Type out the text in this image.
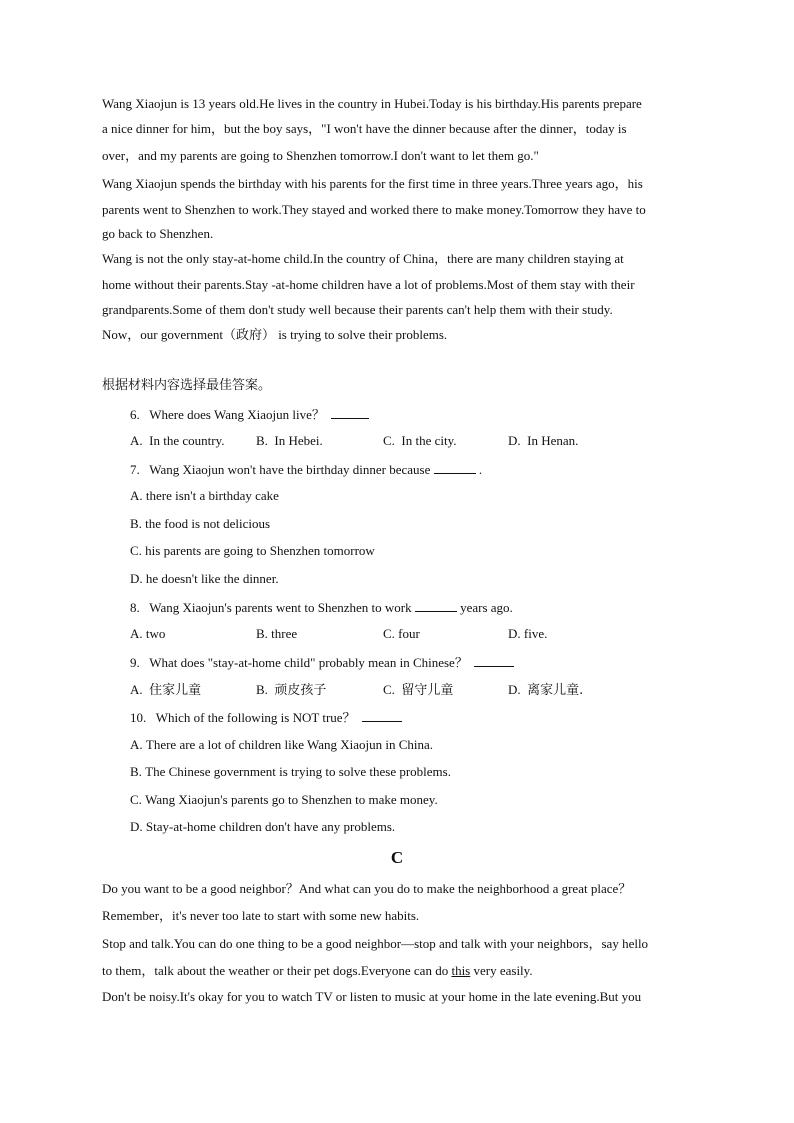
Wang Xiaojun is 13 years old.He lives in the country in Hubei.Today is his birthday.His parents prepare
a nice dinner for him，but the boy says，"I won't have the dinner because after the dinner，today is
over，and my parents are going to Shenzhen tomorrow.I don't want to let them go."
Wang Xiaojun spends the birthday with his parents for the first time in three years.Three years ago，his
parents went to Shenzhen to work.They stayed and worked there to make money.Tomorrow they have to
go back to Shenzhen.
Wang is not the only stay-at-home child.In the country of China，there are many children staying at
home without their parents.Stay -at-home children have a lot of problems.Most of them stay with their
grandparents.Some of them don't study well because their parents can't help them with their study.
Now，our government（政府） is trying to solve their problems.
根据材料内容选择最佳答案。
6. Where does Wang Xiaojun live？
A. In the country. B. In Hebei.	C. In the city.	D. In Henan.
7. Wang Xiaojun won't have the birthday dinner because	.
A. there isn't a birthday cake
B. the food is not delicious
C. his parents are going to Shenzhen tomorrow
D. he doesn't like the dinner.
8. Wang Xiaojun's parents went to Shenzhen to work	years ago.
A. two	B. three	C. four	D. five.
9. What does "stay-at-home child" probably mean in Chinese？
A. 住家儿童	B. 顽皮孩子	C. 留守儿童	D. 离家儿童.
10. Which of the following is NOT true？
A. There are a lot of children like Wang Xiaojun in China.
B. The Chinese government is trying to solve these problems.
C. Wang Xiaojun's parents go to Shenzhen to make money.
D. Stay-at-home children don't have any problems.
C
Do you want to be a good neighbor？And what can you do to make the neighborhood a great place？
Remember，it's never too late to start with some new habits.
Stop and talk.You can do one thing to be a good neighbor—stop and talk with your neighbors，say hello
to them，talk about the weather or their pet dogs.Everyone can do this very easily.
Don't be noisy.It's okay for you to watch TV or listen to music at your home in the late evening.But you
